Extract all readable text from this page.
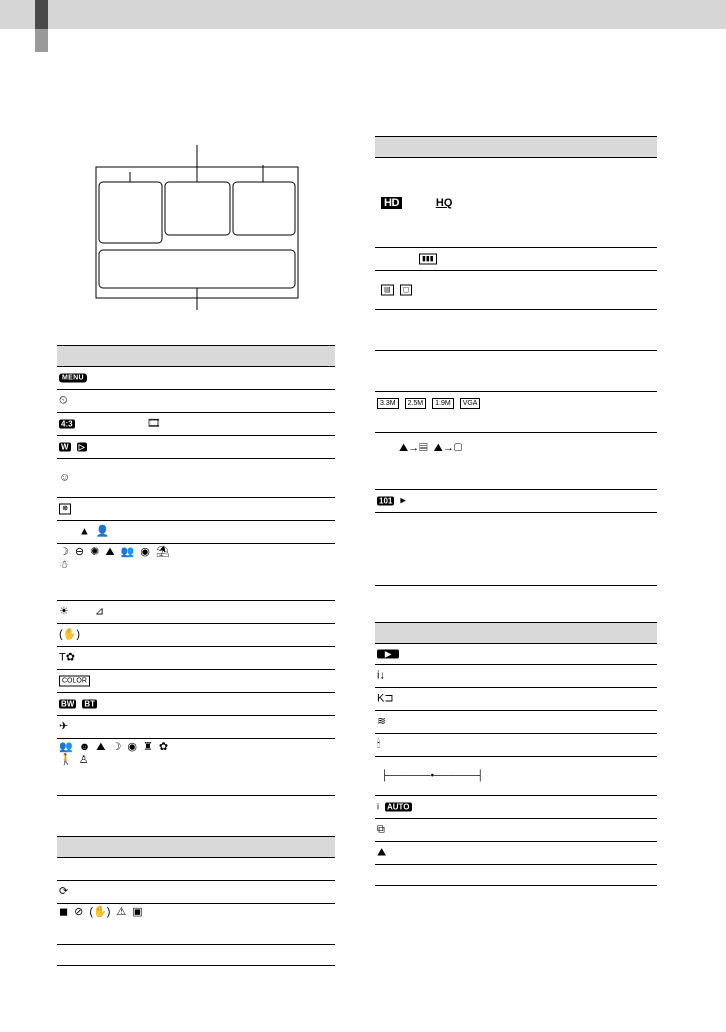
MENU
⏲
4:3	🎞
W ▷
☺
☸
▲ 👤
☽ ⊖ ✺ ⛰ 👥 ◉ ⛱
☃
☀ ⊿
(✋)
T✿
COLOR
BW BT
✈
👥 ☻ ⛰ ☽ ◉ ♜ ✿
🚶 ♙
⟳
◼ ⊘ (✋) ⚠ ▣
HD	HQ
▮▮▮
▤	▢
3.3M	2.5M	1.9M	VGA
⛰→▤ ⛰→▢
101 ▸
▶
i↓
K⊐
≋
🕯
├──────•──────┤
i AUTO
⧉
⛰
